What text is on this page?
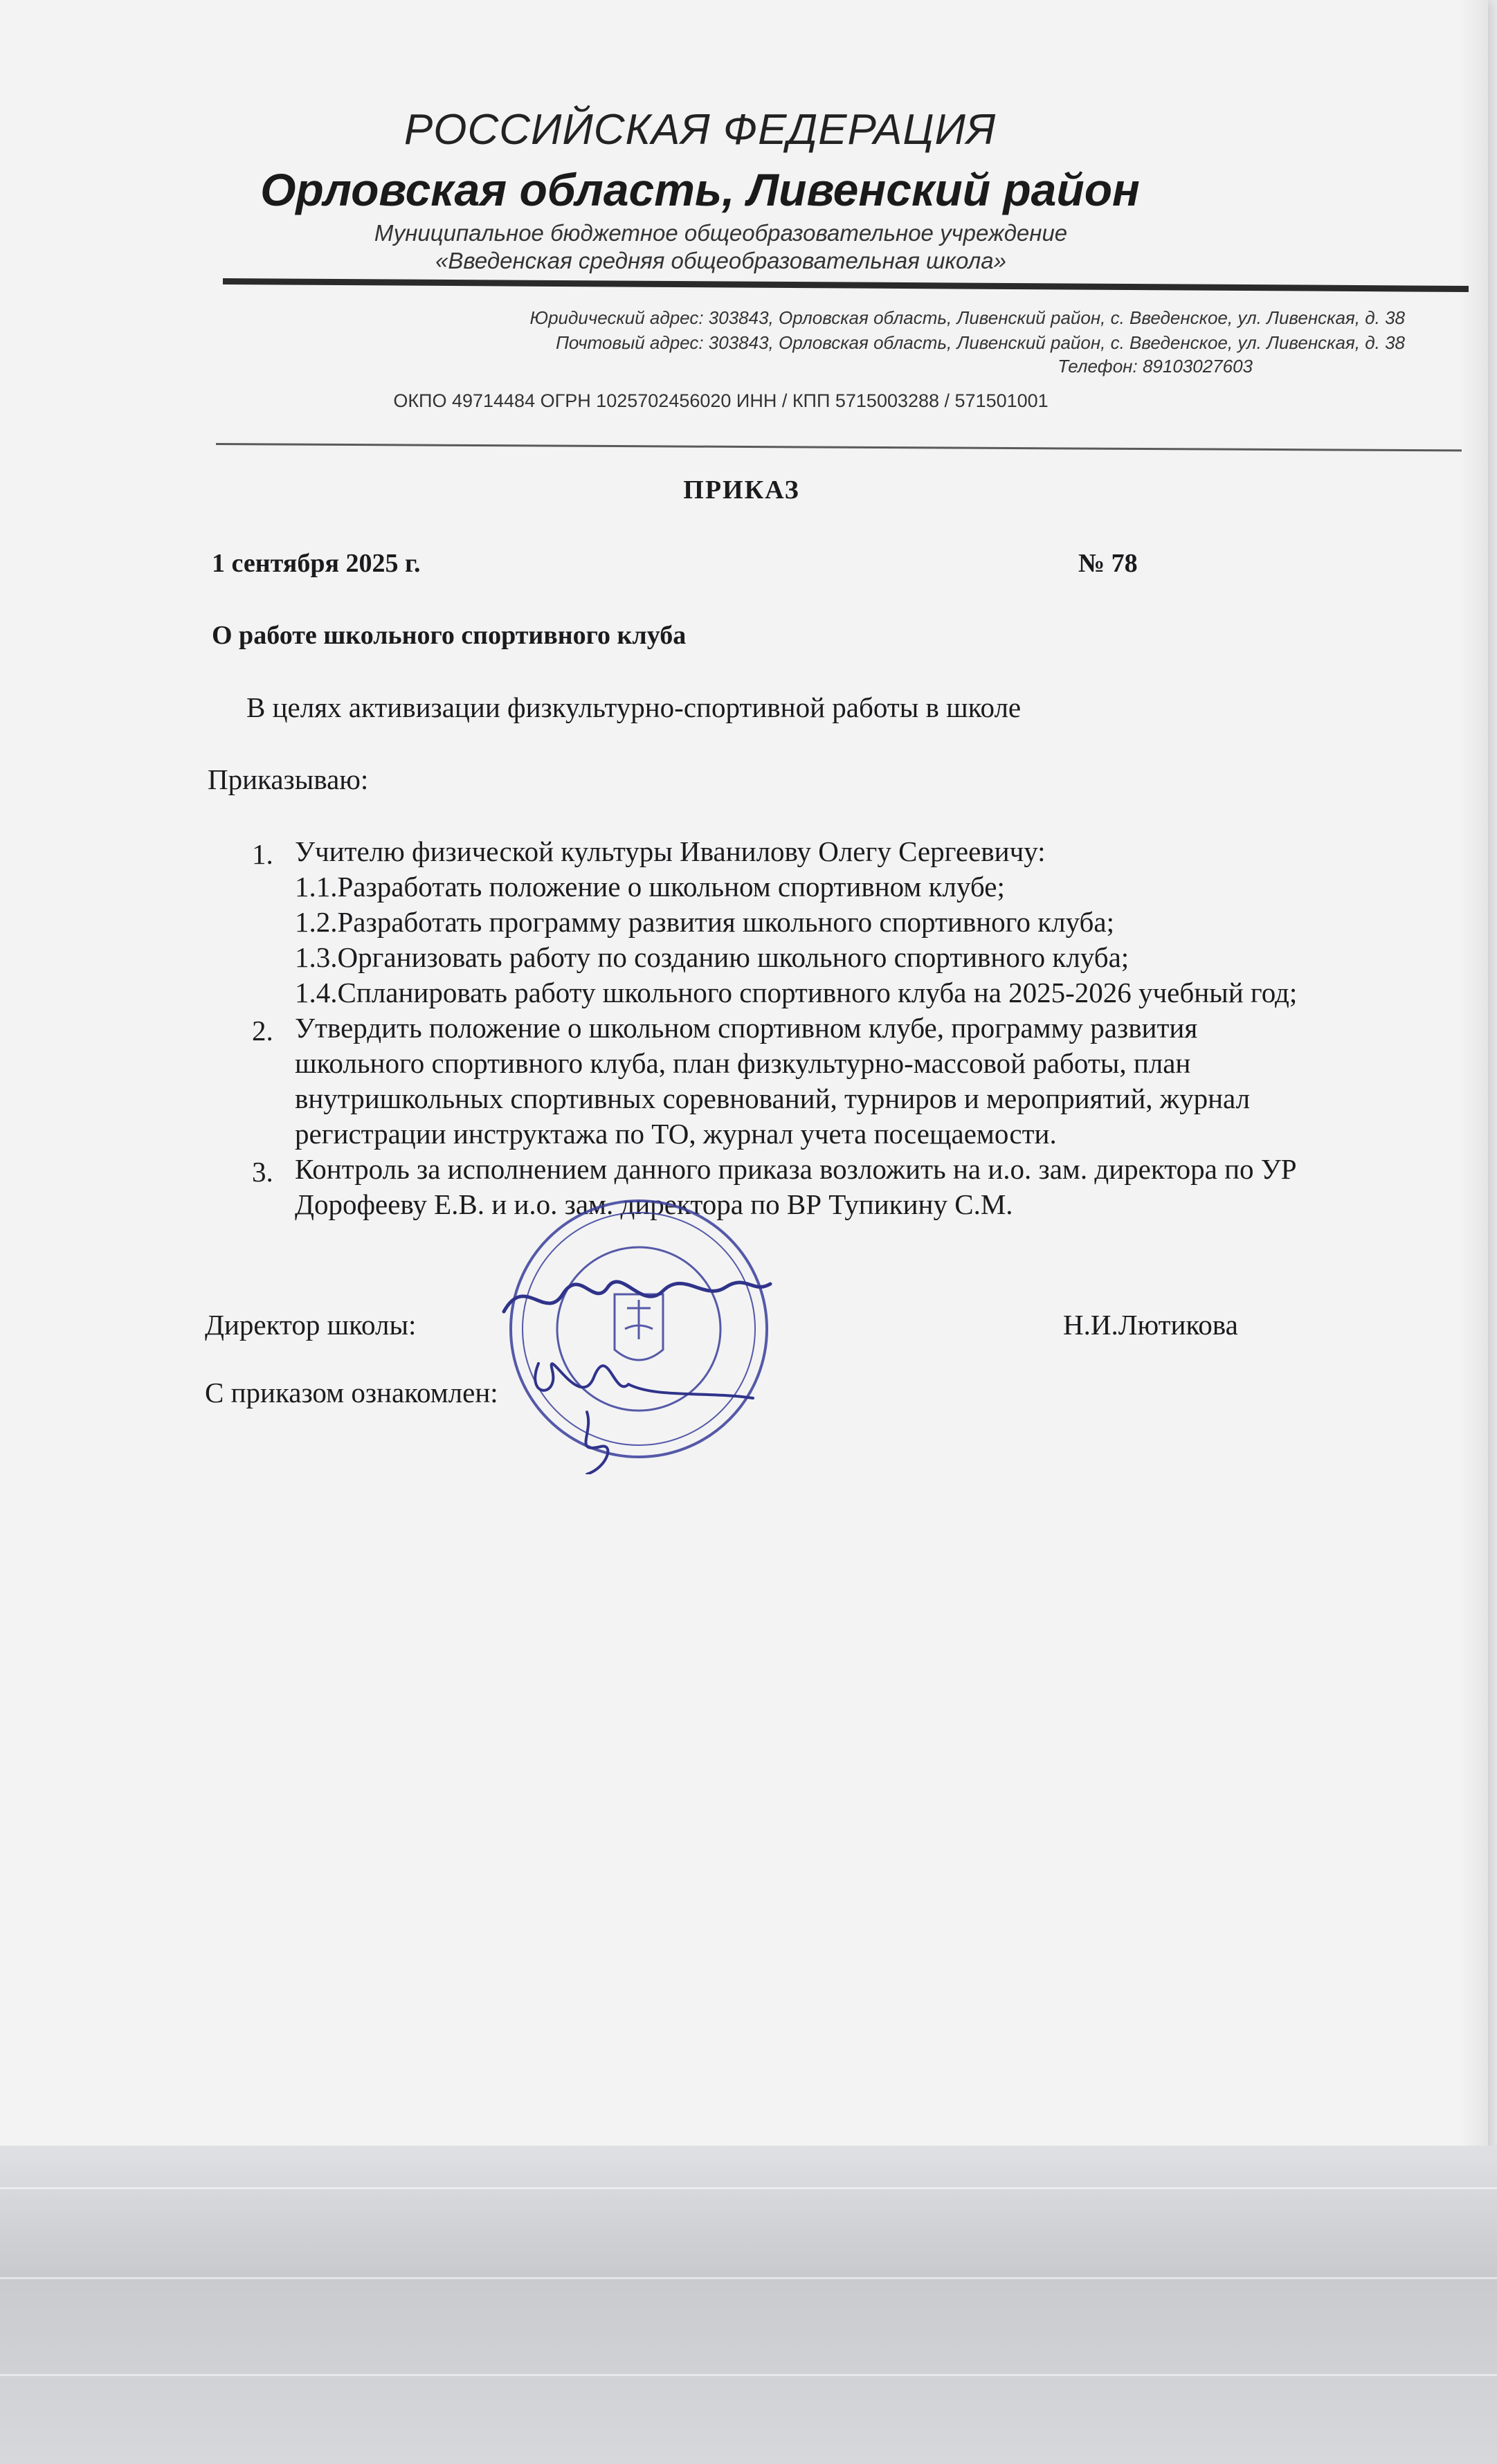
РОССИЙСКАЯ ФЕДЕРАЦИЯ
Орловская область, Ливенский район
Муниципальное бюджетное общеобразовательное учреждение
«Введенская средняя общеобразовательная школа»
Юридический адрес: 303843, Орловская область, Ливенский район, с. Введенское, ул. Ливенская, д. 38
Почтовый адрес: 303843, Орловская область, Ливенский район, с. Введенское, ул. Ливенская, д. 38
Телефон: 89103027603
ОКПО 49714484 ОГРН 1025702456020 ИНН / КПП 5715003288 / 571501001
ПРИКАЗ
1 сентября 2025 г.	№ 78
О работе школьного спортивного клуба
В целях активизации физкультурно-спортивной работы в школе
Приказываю:
1. Учителю физической культуры Иванилову Олегу Сергеевичу:
1.1.Разработать положение о школьном спортивном клубе;
1.2.Разработать программу развития школьного спортивного клуба;
1.3.Организовать работу по созданию школьного спортивного клуба;
1.4.Спланировать работу школьного спортивного клуба на 2025-2026 учебный год;
2. Утвердить положение о школьном спортивном клубе, программу развития
школьного спортивного клуба, план физкультурно-массовой работы, план
внутришкольных спортивных соревнований, турниров и мероприятий, журнал
регистрации инструктажа по ТО, журнал учета посещаемости.
3. Контроль за исполнением данного приказа возложить на и.о. зам. директора по УР
Дорофееву Е.В. и и.о. зам. директора по ВР Тупикину С.М.
Директор школы:	Н.И.Лютикова
С приказом ознакомлен:
